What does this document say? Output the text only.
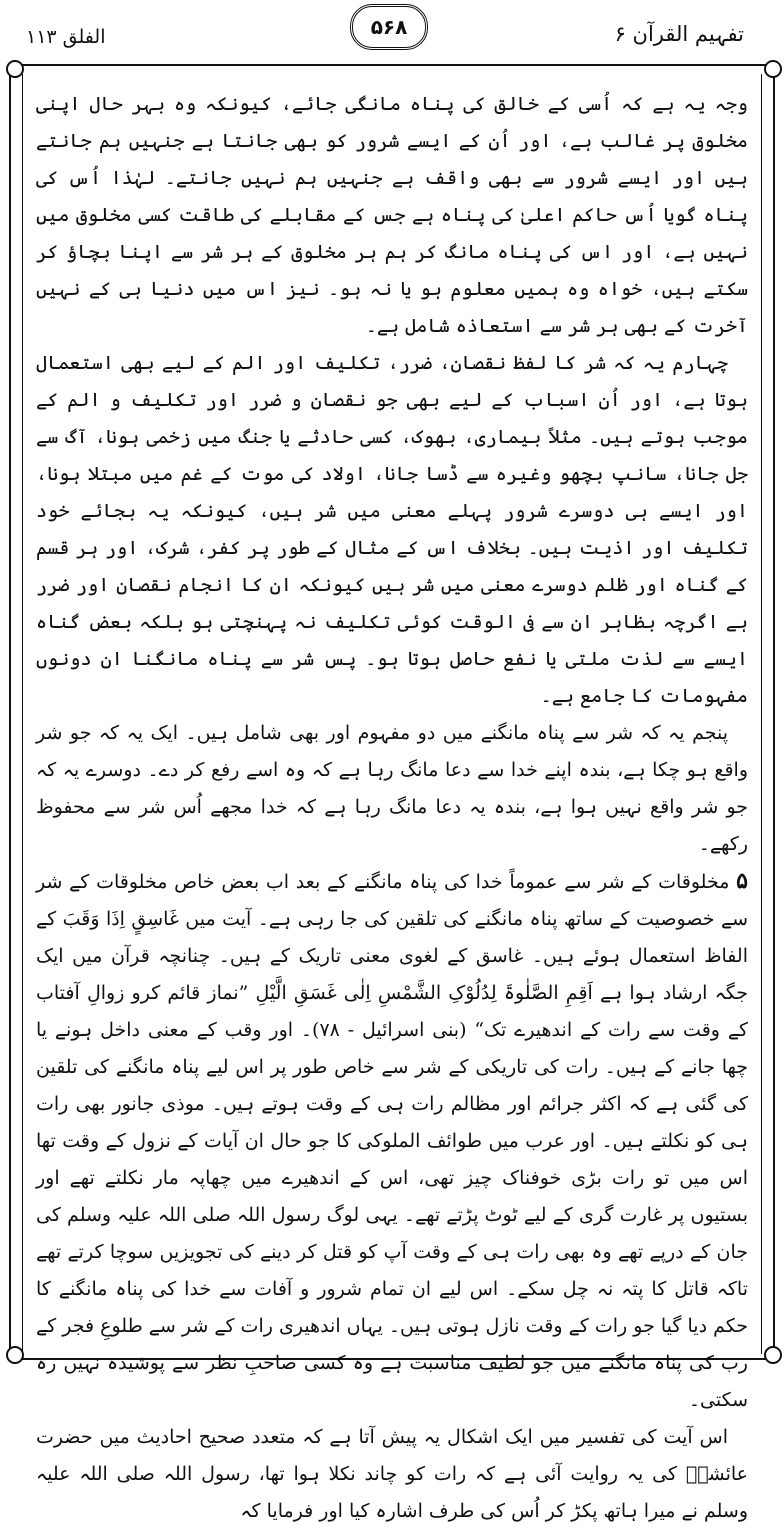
الفلق ۱۱۳	۵۶۸	تفہیم القرآن ۶

وجہ یہ ہے کہ اُسی کے خالق کی پناہ مانگی جائے، کیونکہ وہ بہر حال اپنی مخلوق پر غالب ہے، اور اُن کے ایسے شرور کو بھی جانتا ہے جنہیں ہم جانتے ہیں اور ایسے شرور سے بھی واقف ہے جنہیں ہم نہیں جانتے۔ لہٰذا اُس کی پناہ گویا اُس حاکم اعلیٰ کی پناہ ہے جس کے مقابلے کی طاقت کسی مخلوق میں نہیں ہے، اور اس کی پناہ مانگ کر ہم ہر مخلوق کے ہر شر سے اپنا بچاؤ کر سکتے ہیں، خواہ وہ ہمیں معلوم ہو یا نہ ہو۔ نیز اس میں دنیا ہی کے نہیں آخرت کے بھی ہر شر سے استعاذہ شامل ہے۔

چہارم یہ کہ شر کا لفظ نقصان، ضرر، تکلیف اور الم کے لیے بھی استعمال ہوتا ہے، اور اُن اسباب کے لیے بھی جو نقصان و ضرر اور تکلیف و الم کے موجب ہوتے ہیں۔ مثلاً بیماری، بھوک، کسی حادثے یا جنگ میں زخمی ہونا، آگ سے جل جانا، سانپ بچھو وغیرہ سے ڈسا جانا، اولاد کی موت کے غم میں مبتلا ہونا، اور ایسے ہی دوسرے شرور پہلے معنی میں شر ہیں، کیونکہ یہ بجائے خود تکلیف اور اذیت ہیں۔ بخلاف اس کے مثال کے طور پر کفر، شرک، اور ہر قسم کے گناہ اور ظلم دوسرے معنی میں شر ہیں کیونکہ ان کا انجام نقصان اور ضرر ہے اگرچہ بظاہر ان سے فی الوقت کوئی تکلیف نہ پہنچتی ہو بلکہ بعض گناہ ایسے سے لذت ملتی یا نفع حاصل ہوتا ہو۔ پس شر سے پناہ مانگنا ان دونوں مفہومات کا جامع ہے۔

پنجم یہ کہ شر سے پناہ مانگنے میں دو مفہوم اور بھی شامل ہیں۔ ایک یہ کہ جو شر واقع ہو چکا ہے، بندہ اپنے خدا سے دعا مانگ رہا ہے کہ وہ اسے رفع کر دے۔ دوسرے یہ کہ جو شر واقع نہیں ہوا ہے، بندہ یہ دعا مانگ رہا ہے کہ خدا مجھے اُس شر سے محفوظ رکھے۔

۵ مخلوقات کے شر سے عموماً خدا کی پناہ مانگنے کے بعد اب بعض خاص مخلوقات کے شر سے خصوصیت کے ساتھ پناہ مانگنے کی تلقین کی جا رہی ہے۔ آیت میں غَاسِقٍ اِذَا وَقَبَ کے الفاظ استعمال ہوئے ہیں۔ غاسق کے لغوی معنی تاریک کے ہیں۔ چنانچہ قرآن میں ایک جگہ ارشاد ہوا ہے اَقِمِ الصَّلٰوۃَ لِدُلُوْکِ الشَّمْسِ اِلٰی غَسَقِ الَّیْلِ ”نماز قائم کرو زوالِ آفتاب کے وقت سے رات کے اندھیرے تک“ (بنی اسرائیل - ۷۸)۔ اور وقب کے معنی داخل ہونے یا چھا جانے کے ہیں۔ رات کی تاریکی کے شر سے خاص طور پر اس لیے پناہ مانگنے کی تلقین کی گئی ہے کہ اکثر جرائم اور مظالم رات ہی کے وقت ہوتے ہیں۔ موذی جانور بھی رات ہی کو نکلتے ہیں۔ اور عرب میں طوائف الملوکی کا جو حال ان آیات کے نزول کے وقت تھا اس میں تو رات بڑی خوفناک چیز تھی، اس کے اندھیرے میں چھاپہ مار نکلتے تھے اور بستیوں پر غارت گری کے لیے ٹوٹ پڑتے تھے۔ یہی لوگ رسول اللہ صلی اللہ علیہ وسلم کی جان کے درپے تھے وہ بھی رات ہی کے وقت آپ کو قتل کر دینے کی تجویزیں سوچا کرتے تھے تاکہ قاتل کا پتہ نہ چل سکے۔ اس لیے ان تمام شرور و آفات سے خدا کی پناہ مانگنے کا حکم دیا گیا جو رات کے وقت نازل ہوتی ہیں۔ یہاں اندھیری رات کے شر سے طلوعِ فجر کے رب کی پناہ مانگنے میں جو لطیف مناسبت ہے وہ کسی صاحبِ نظر سے پوشیدہ نہیں رہ سکتی۔

اس آیت کی تفسیر میں ایک اشکال یہ پیش آتا ہے کہ متعدد صحیح احادیث میں حضرت عائشہؓ کی یہ روایت آئی ہے کہ رات کو چاند نکلا ہوا تھا، رسول اللہ صلی اللہ علیہ وسلم نے میرا ہاتھ پکڑ کر اُس کی طرف اشارہ کیا اور فرمایا کہ
